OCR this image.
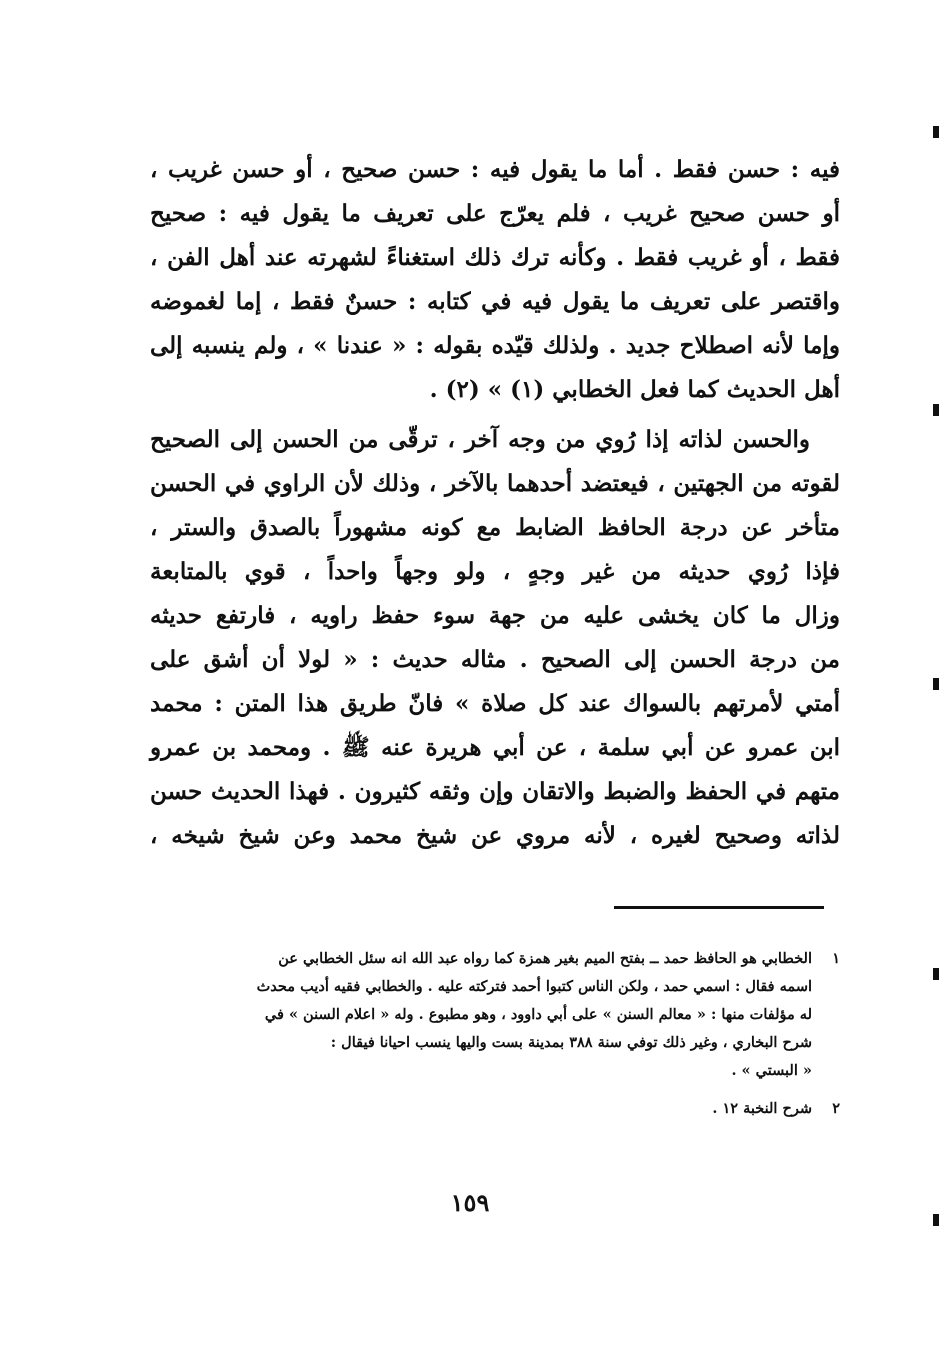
فيه : حسن فقط . أما ما يقول فيه : حسن صحيح ، أو حسن غريب ،
أو حسن صحيح غريب ، فلم يعرّج على تعريف ما يقول فيه : صحيح
فقط ، أو غريب فقط . وكأنه ترك ذلك استغناءً لشهرته عند أهل الفن ،
واقتصر على تعريف ما يقول فيه في كتابه : حسنٌ فقط ، إما لغموضه
وإما لأنه اصطلاح جديد . ولذلك قيّده بقوله : « عندنا » ، ولم ينسبه إلى
أهل الحديث كما فعل الخطابي (١) » (٢) .

والحسن لذاته إذا رُوي من وجه آخر ، ترقّى من الحسن إلى الصحيح
لقوته من الجهتين ، فيعتضد أحدهما بالآخر ، وذلك لأن الراوي في الحسن
متأخر عن درجة الحافظ الضابط مع كونه مشهوراً بالصدق والستر ،
فإذا رُوي حديثه من غير وجهٍ ، ولو وجهاً واحداً ، قوي بالمتابعة
وزال ما كان يخشى عليه من جهة سوء حفظ راويه ، فارتفع حديثه
من درجة الحسن إلى الصحيح . مثاله حديث : « لولا أن أشق على
أمتي لأمرتهم بالسواك عند كل صلاة » فانّ طريق هذا المتن : محمد
ابن عمرو عن أبي سلمة ، عن أبي هريرة عنه ﷺ . ومحمد بن عمرو
متهم في الحفظ والضبط والاتقان وإن وثقه كثيرون . فهذا الحديث حسن
لذاته وصحيح لغيره ، لأنه مروي عن شيخ محمد وعن شيخ شيخه ،

١الخطابي هو الحافظ حمد ــ بفتح الميم بغير همزة كما رواه عبد الله انه سئل الخطابي عن
اسمه فقال : اسمي حمد ، ولكن الناس كتبوا أحمد فتركته عليه . والخطابي فقيه أديب محدث
له مؤلفات منها : « معالم السنن » على أبي داوود ، وهو مطبوع . وله « اعلام السنن » في
شرح البخاري ، وغير ذلك توفي سنة ٣٨٨ بمدينة بست واليها ينسب احيانا فيقال :
« البستي » .
٢شرح النخبة ١٢ .
١٥٩
